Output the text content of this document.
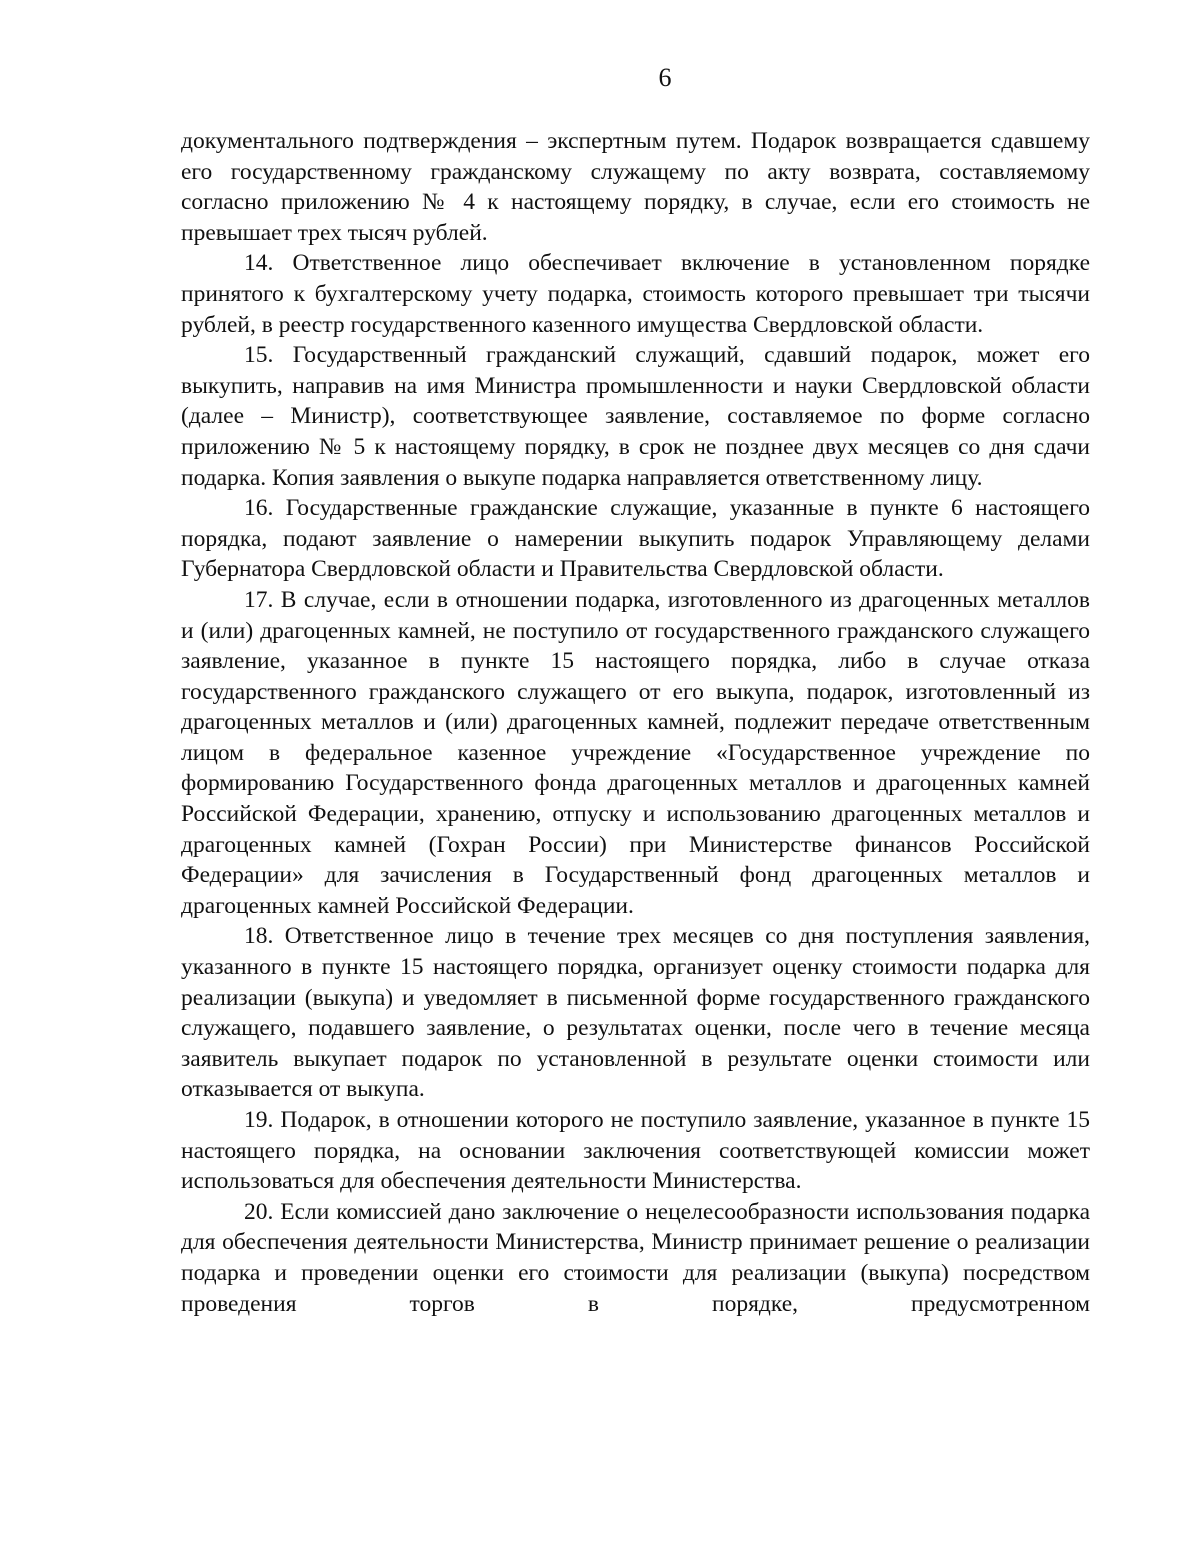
6

документального подтверждения – экспертным путем. Подарок возвращается сдавшему его государственному гражданскому служащему по акту возврата, составляемому согласно приложению № 4 к настоящему порядку, в случае, если его стоимость не превышает трех тысяч рублей.

14. Ответственное лицо обеспечивает включение в установленном порядке принятого к бухгалтерскому учету подарка, стоимость которого превышает три тысячи рублей, в реестр государственного казенного имущества Свердловской области.

15. Государственный гражданский служащий, сдавший подарок, может его выкупить, направив на имя Министра промышленности и науки Свердловской области (далее – Министр), соответствующее заявление, составляемое по форме согласно приложению № 5 к настоящему порядку, в срок не позднее двух месяцев со дня сдачи подарка. Копия заявления о выкупе подарка направляется ответственному лицу.

16. Государственные гражданские служащие, указанные в пункте 6 настоящего порядка, подают заявление о намерении выкупить подарок Управляющему делами Губернатора Свердловской области и Правительства Свердловской области.

17. В случае, если в отношении подарка, изготовленного из драгоценных металлов и (или) драгоценных камней, не поступило от государственного гражданского служащего заявление, указанное в пункте 15 настоящего порядка, либо в случае отказа государственного гражданского служащего от его выкупа, подарок, изготовленный из драгоценных металлов и (или) драгоценных камней, подлежит передаче ответственным лицом в федеральное казенное учреждение «Государственное учреждение по формированию Государственного фонда драгоценных металлов и драгоценных камней Российской Федерации, хранению, отпуску и использованию драгоценных металлов и драгоценных камней (Гохран России) при Министерстве финансов Российской Федерации» для зачисления в Государственный фонд драгоценных металлов и драгоценных камней Российской Федерации.

18. Ответственное лицо в течение трех месяцев со дня поступления заявления, указанного в пункте 15 настоящего порядка, организует оценку стоимости подарка для реализации (выкупа) и уведомляет в письменной форме государственного гражданского служащего, подавшего заявление, о результатах оценки, после чего в течение месяца заявитель выкупает подарок по установленной в результате оценки стоимости или отказывается от выкупа.

19. Подарок, в отношении которого не поступило заявление, указанное в пункте 15 настоящего порядка, на основании заключения соответствующей комиссии может использоваться для обеспечения деятельности Министерства.

20. Если комиссией дано заключение о нецелесообразности использования подарка для обеспечения деятельности Министерства, Министр принимает решение о реализации подарка и проведении оценки его стоимости для реализации (выкупа) посредством проведения торгов в порядке, предусмотренном
